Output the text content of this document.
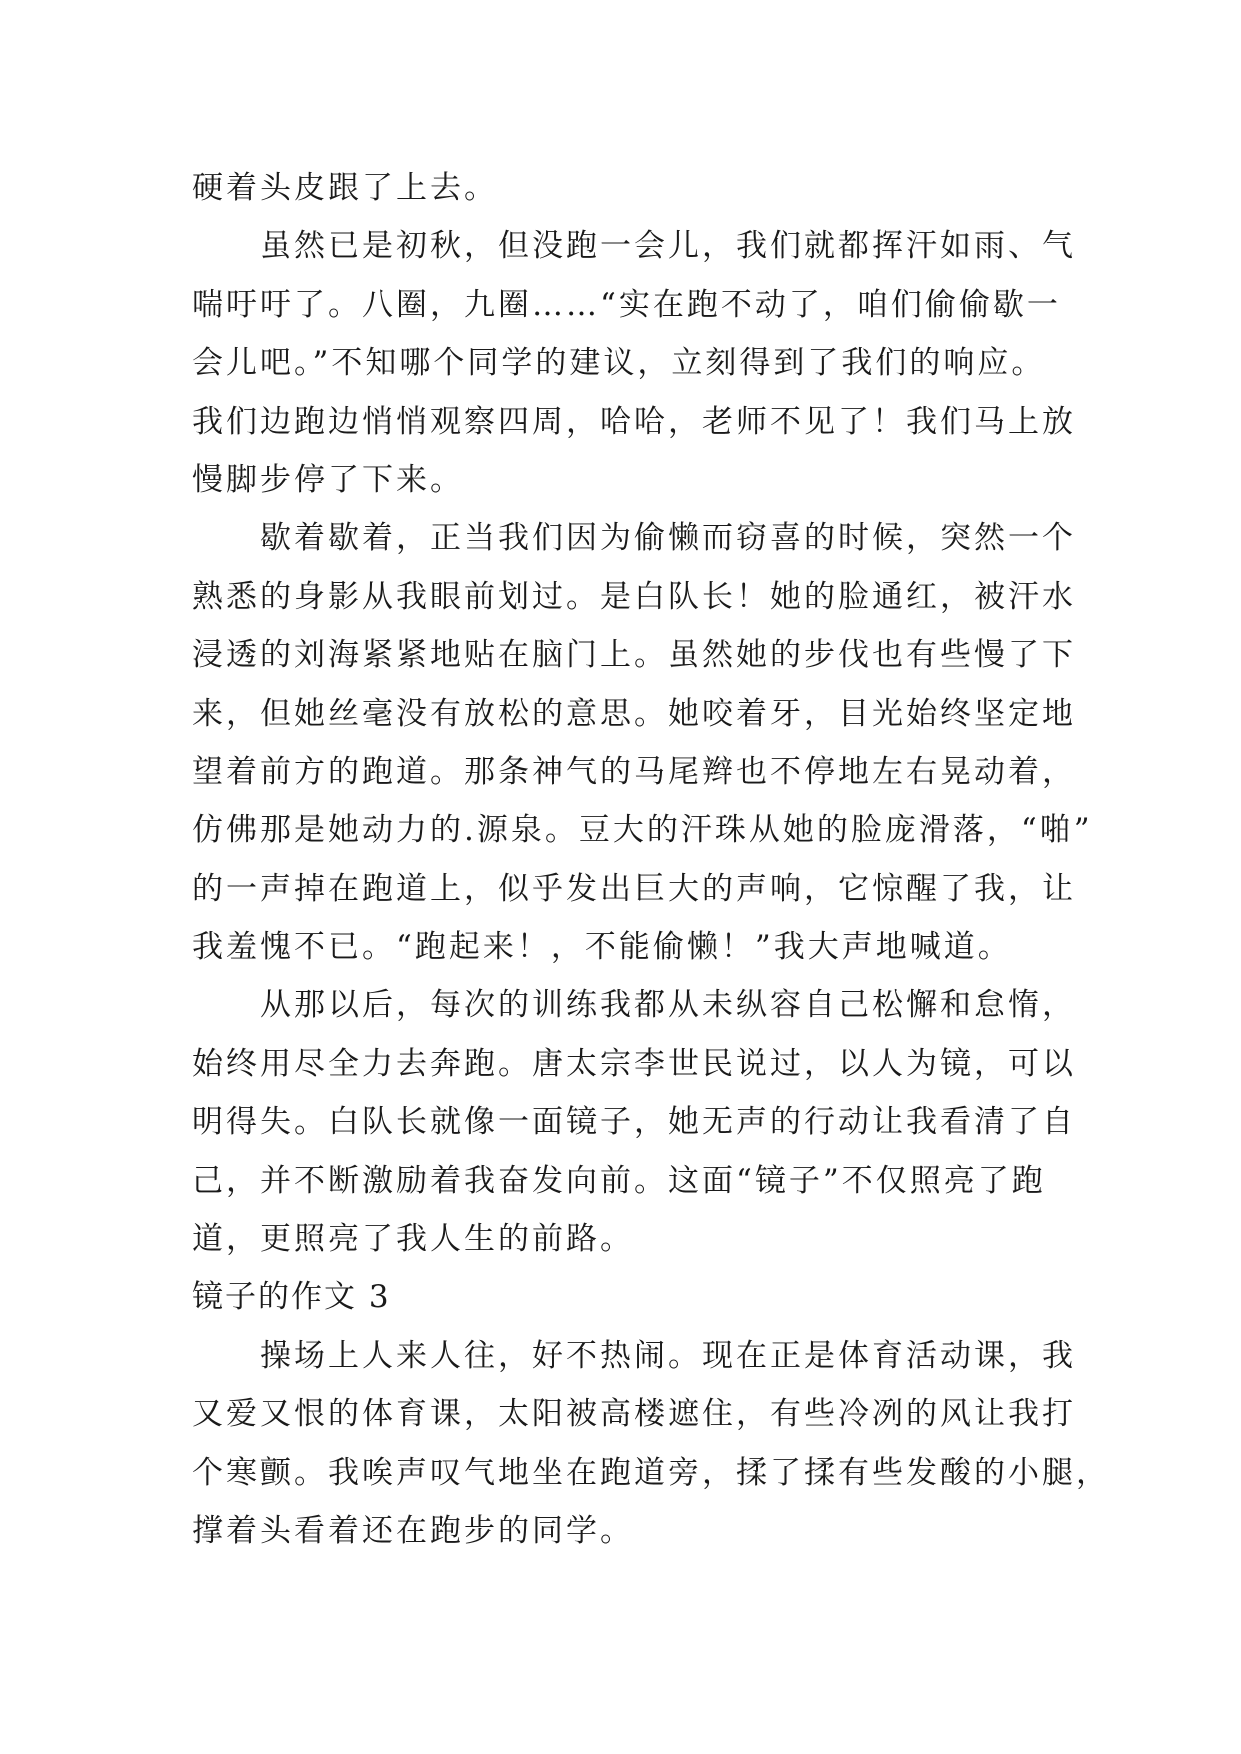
硬着头皮跟了上去。
虽然已是初秋，但没跑一会儿，我们就都挥汗如雨、气
喘吁吁了。八圈，九圈……“实在跑不动了，咱们偷偷歇一
会儿吧。”不知哪个同学的建议，立刻得到了我们的响应。
我们边跑边悄悄观察四周，哈哈，老师不见了！我们马上放
慢脚步停了下来。
歇着歇着，正当我们因为偷懒而窃喜的时候，突然一个
熟悉的身影从我眼前划过。是白队长！她的脸通红，被汗水
浸透的刘海紧紧地贴在脑门上。虽然她的步伐也有些慢了下
来，但她丝毫没有放松的意思。她咬着牙，目光始终坚定地
望着前方的跑道。那条神气的马尾辫也不停地左右晃动着，
仿佛那是她动力的.源泉。豆大的汗珠从她的脸庞滑落，“啪”
的一声掉在跑道上，似乎发出巨大的声响，它惊醒了我，让
我羞愧不已。“跑起来！，不能偷懒！”我大声地喊道。
从那以后，每次的训练我都从未纵容自己松懈和怠惰，
始终用尽全力去奔跑。唐太宗李世民说过，以人为镜，可以
明得失。白队长就像一面镜子，她无声的行动让我看清了自
己，并不断激励着我奋发向前。这面“镜子”不仅照亮了跑
道，更照亮了我人生的前路。
镜子的作文 3
操场上人来人往，好不热闹。现在正是体育活动课，我
又爱又恨的体育课，太阳被高楼遮住，有些冷冽的风让我打
个寒颤。我唉声叹气地坐在跑道旁，揉了揉有些发酸的小腿，
撑着头看着还在跑步的同学。
